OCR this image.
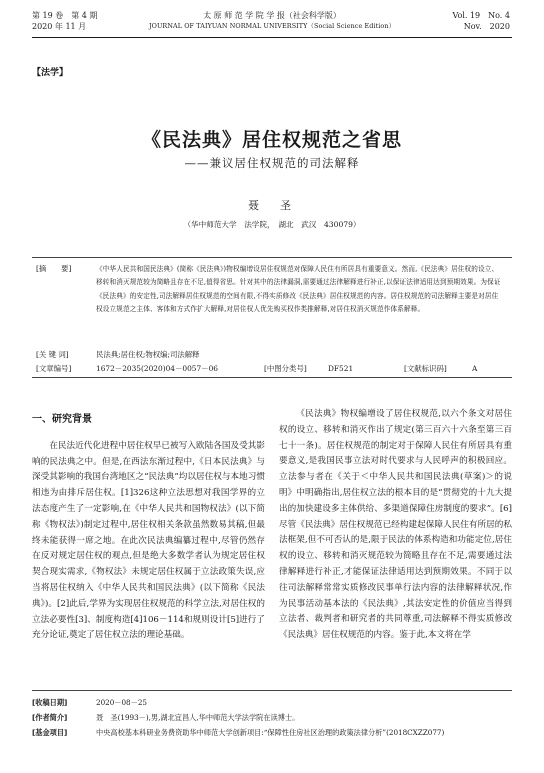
第 19 卷　第 4 期
2020 年 11 月
太 原 师 范 学 院 学 报（社会科学版）
JOURNAL OF TAIYUAN NORMAL UNIVERSITY（Social Science Edition）
Vol. 19　No. 4
Nov.　2020
【法学】
《民法典》居住权规范之省思
——兼议居住权规范的司法解释
聂　圣
（华中师范大学　法学院，　湖北　武汉　430079）
[摘　　要]	《中华人民共和国民法典》(简称《民法典》)物权编增设居住权规范对保障人民住有所居具有重要意义。然而,《民法典》居住权的设立、移转和消灭规范较为简略且存在不足,值得省思。针对其中的法律漏洞,需要通过法律解释进行补正,以保证法律适用达到预期效果。为保证《民法典》的安定性,司法解释居住权规范的空间有限,不得实质修改《民法典》居住权规范的内容。居住权规范的司法解释主要是对居住权设立规范之主体、客体和方式作扩大解释,对居住权人优先购买权作类推解释,对居住权消灭规范作体系解释。
[关 键 词]	民法典;居住权;物权编;司法解释
[文章编号]	1672－2035(2020)04－0057－06	[中图分类号]	DF521	[文献标识码]	A
一、研究背景

在民法近代化进程中居住权早已被写入欧陆各国及受其影响的民法典之中。但是,在西法东渐过程中,《日本民法典》与深受其影响的我国台湾地区之“民法典”均以居住权与本地习惯相违为由排斥居住权。[1]326这种立法思想对我国学界的立法态度产生了一定影响,在《中华人民共和国物权法》(以下简称《物权法》)制定过程中,居住权相关条款虽然数易其稿,但最终未能获得一席之地。在此次民法典编纂过程中,尽管仍然存在反对规定居住权的观点,但是绝大多数学者认为规定居住权契合现实需求,《物权法》未规定居住权属于立法政策失误,应当将居住权纳入《中华人民共和国民法典》(以下简称《民法典》)。[2]此后,学界为实现居住权规范的科学立法,对居住权的立法必要性[3]、制度构造[4]106－114和规则设计[5]进行了充分论证,奠定了居住权立法的理论基础。

《民法典》物权编增设了居住权规范,以六个条文对居住权的设立、移转和消灭作出了规定(第三百六十六条至第三百七十一条)。居住权规范的制定对于保障人民住有所居具有重要意义,是我国民事立法对时代要求与人民呼声的积极回应。立法参与者在《关于＜中华人民共和国民法典(草案)＞的说明》中明确指出,居住权立法的根本目的是“贯彻党的十九大提出的加快建设多主体供给、多渠道保障住房制度的要求”。[6]尽管《民法典》居住权规范已经构建起保障人民住有所居的私法框架,但不可否认的是,限于民法的体系构造和功能定位,居住权的设立、移转和消灭规范较为简略且存在不足,需要通过法律解释进行补正,才能保证法律适用达到预期效果。不同于以往司法解释常常实质修改民事单行法内容的法律解释状况,作为民事活动基本法的《民法典》,其法安定性的价值应当得到立法者、裁判者和研究者的共同尊重,司法解释不得实质修改《民法典》居住权规范的内容。鉴于此,本文将在学

[收稿日期]	2020－08－25
[作者简介]	聂　圣(1993－),男,湖北宜昌人,华中师范大学法学院在读博士。
[基金项目]	中央高校基本科研业务费资助华中师范大学创新项目:“保障性住房社区治理的政策法律分析”(2018CXZZ077)
